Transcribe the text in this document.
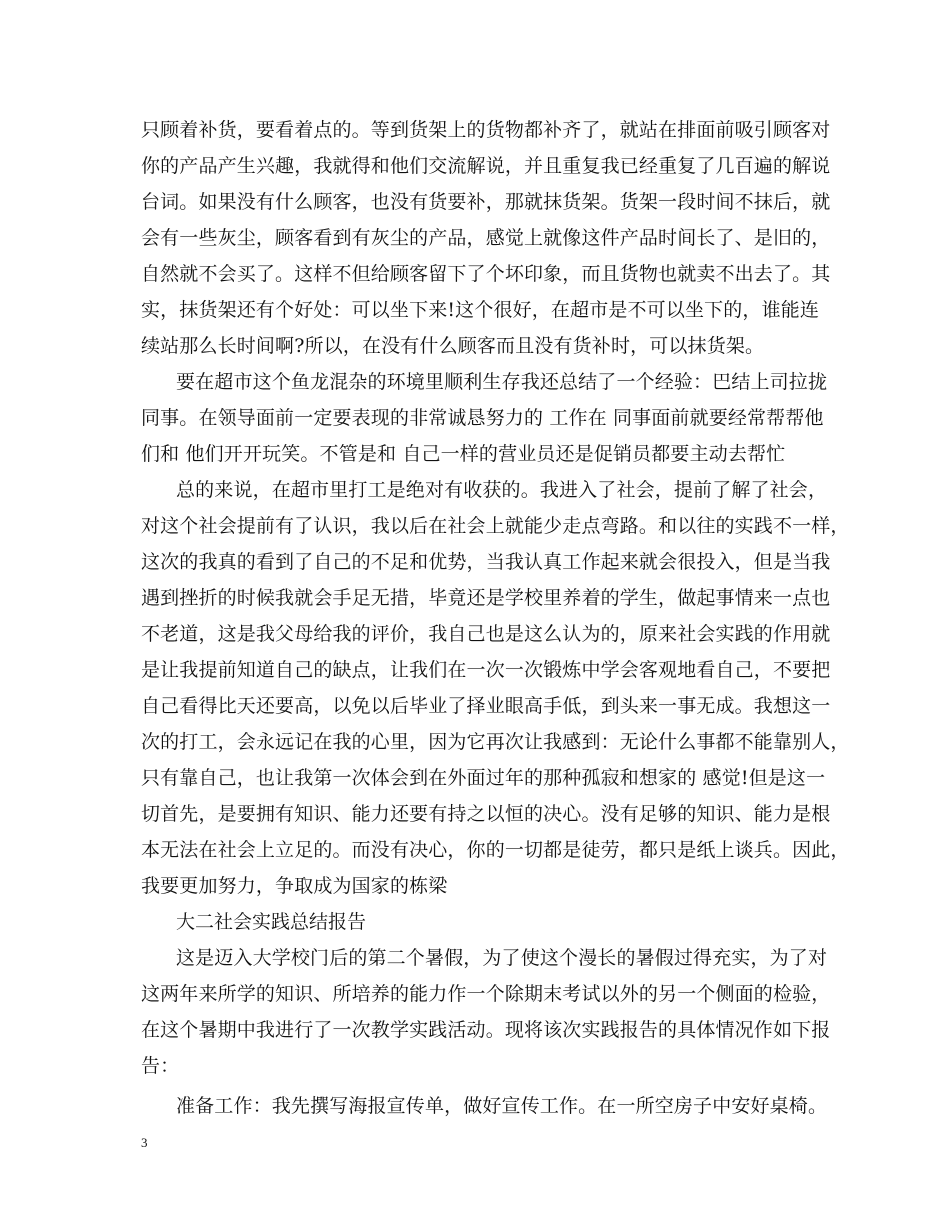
只顾着补货，要看着点的。等到货架上的货物都补齐了，就站在排面前吸引顾客对
你的产品产生兴趣，我就得和他们交流解说，并且重复我已经重复了几百遍的解说
台词。如果没有什么顾客，也没有货要补，那就抹货架。货架一段时间不抹后，就
会有一些灰尘，顾客看到有灰尘的产品，感觉上就像这件产品时间长了、是旧的，
自然就不会买了。这样不但给顾客留下了个坏印象，而且货物也就卖不出去了。其
实，抹货架还有个好处：可以坐下来!这个很好，在超市是不可以坐下的，谁能连
续站那么长时间啊?所以，在没有什么顾客而且没有货补时，可以抹货架。
要在超市这个鱼龙混杂的环境里顺利生存我还总结了一个经验：巴结上司拉拢
同事。在领导面前一定要表现的非常诚恳努力的 工作在 同事面前就要经常帮帮他
们和 他们开开玩笑。不管是和 自己一样的营业员还是促销员都要主动去帮忙
总的来说，在超市里打工是绝对有收获的。我进入了社会，提前了解了社会，
对这个社会提前有了认识，我以后在社会上就能少走点弯路。和以往的实践不一样，
这次的我真的看到了自己的不足和优势，当我认真工作起来就会很投入，但是当我
遇到挫折的时候我就会手足无措，毕竟还是学校里养着的学生，做起事情来一点也
不老道，这是我父母给我的评价，我自己也是这么认为的，原来社会实践的作用就
是让我提前知道自己的缺点，让我们在一次一次锻炼中学会客观地看自己，不要把
自己看得比天还要高，以免以后毕业了择业眼高手低，到头来一事无成。我想这一
次的打工，会永远记在我的心里，因为它再次让我感到：无论什么事都不能靠别人，
只有靠自己，也让我第一次体会到在外面过年的那种孤寂和想家的 感觉!但是这一
切首先，是要拥有知识、能力还要有持之以恒的决心。没有足够的知识、能力是根
本无法在社会上立足的。而没有决心，你的一切都是徒劳，都只是纸上谈兵。因此，
我要更加努力，争取成为国家的栋梁
大二社会实践总结报告
这是迈入大学校门后的第二个暑假，为了使这个漫长的暑假过得充实，为了对
这两年来所学的知识、所培养的能力作一个除期末考试以外的另一个侧面的检验，
在这个暑期中我进行了一次教学实践活动。现将该次实践报告的具体情况作如下报
告：
准备工作：我先撰写海报宣传单，做好宣传工作。在一所空房子中安好桌椅。
3
